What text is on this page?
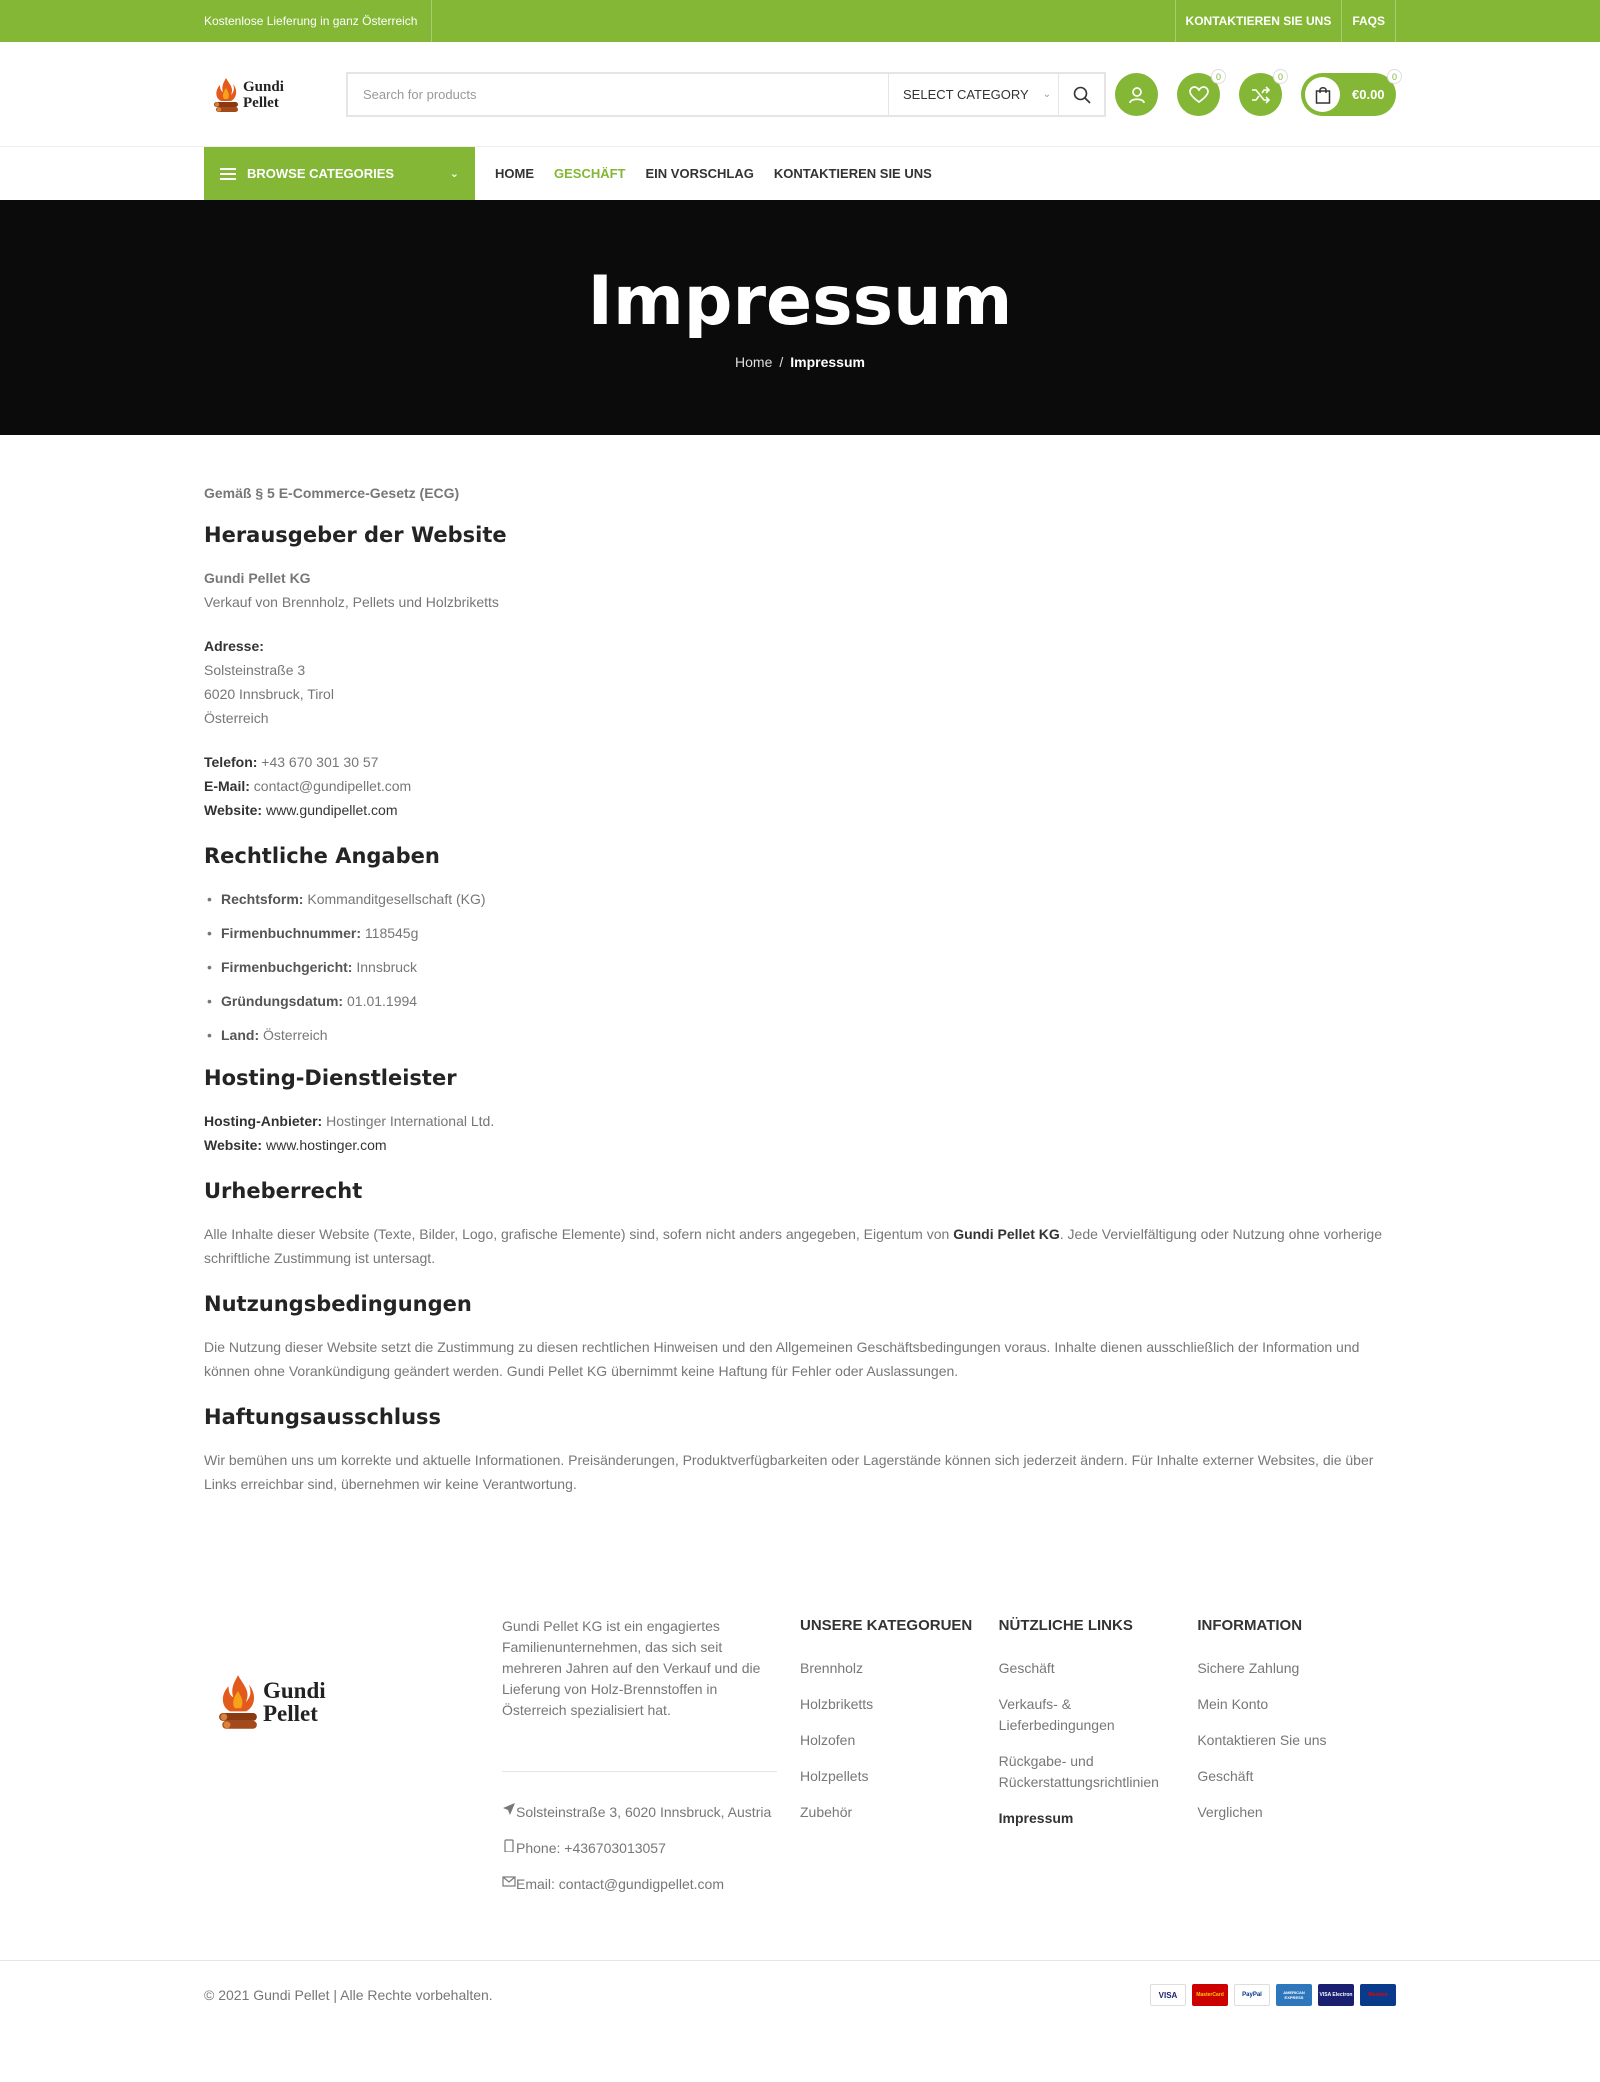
Kostenlose Lieferung in ganz Österreich	KONTAKTIEREN SIE UNS	FAQS
Gundi
Pellet	Search for products	SELECT CATEGORY ⌄
0	0
€0.00
0
BROWSE CATEGORIES	⌄	HOME GESCHÄFT EIN VORSCHLAG KONTAKTIEREN SIE UNS
Impressum
Home / Impressum
Gemäß § 5 E-Commerce-Gesetz (ECG)
Herausgeber der Website
Gundi Pellet KG
Verkauf von Brennholz, Pellets und Holzbriketts
Adresse:
Solsteinstraße 3
6020 Innsbruck, Tirol
Österreich
Telefon: +43 670 301 30 57
E-Mail: contact@gundipellet.com
Website: www.gundipellet.com
Rechtliche Angaben
• Rechtsform: Kommanditgesellschaft (KG)
• Firmenbuchnummer: 118545g
• Firmenbuchgericht: Innsbruck
• Gründungsdatum: 01.01.1994
• Land: Österreich
Hosting-Dienstleister
Hosting-Anbieter: Hostinger International Ltd.
Website: www.hostinger.com
Urheberrecht
Alle Inhalte dieser Website (Texte, Bilder, Logo, grafische Elemente) sind, sofern nicht anders angegeben, Eigentum von Gundi Pellet KG. Jede Vervielfältigung oder Nutzung ohne vorherige schriftliche Zustimmung ist untersagt.
Nutzungsbedingungen
Die Nutzung dieser Website setzt die Zustimmung zu diesen rechtlichen Hinweisen und den Allgemeinen Geschäftsbedingungen voraus. Inhalte dienen ausschließlich der Information und können ohne Vorankündigung geändert werden. Gundi Pellet KG übernimmt keine Haftung für Fehler oder Auslassungen.
Haftungsausschluss
Wir bemühen uns um korrekte und aktuelle Informationen. Preisänderungen, Produktverfügbarkeiten oder Lagerstände können sich jederzeit ändern. Für Inhalte externer Websites, die über Links erreichbar sind, übernehmen wir keine Verantwortung.
Gundi
Pellet
Gundi Pellet KG ist ein engagiertes Familienunternehmen, das sich seit mehreren Jahren auf den Verkauf und die Lieferung von Holz-Brennstoffen in Österreich spezialisiert hat.
Solsteinstraße 3, 6020 Innsbruck, Austria
Phone: +436703013057
Email: contact@gundigpellet.com
UNSERE KATEGORUEN
Brennholz
Holzbriketts
Holzofen
Holzpellets
Zubehör
NÜTZLICHE LINKS
Geschäft
Verkaufs- & Lieferbedingungen
Rückgabe- und Rückerstattungsrichtlinien
Impressum
INFORMATION
Sichere Zahlung
Mein Konto
Kontaktieren Sie uns
Geschäft
Verglichen
© 2021 Gundi Pellet | Alle Rechte vorbehalten.	VISA	MasterCard	PayPal	AMERICAN EXPRESS	VISA Electron	Maestro
